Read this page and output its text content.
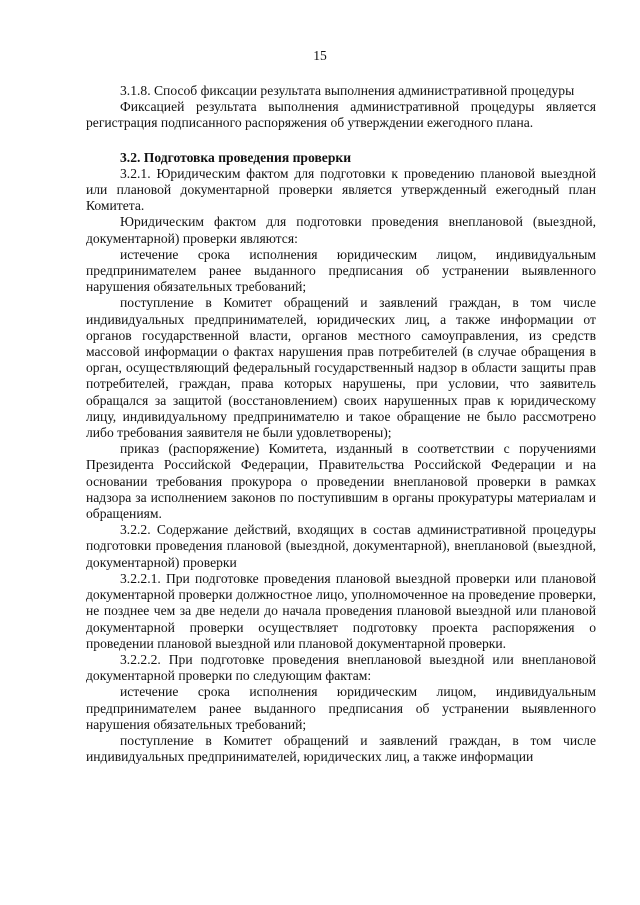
15

3.1.8. Способ фиксации результата выполнения административной процедуры

Фиксацией результата выполнения административной процедуры является регистрация подписанного распоряжения об утверждении ежегодного плана.

3.2. Подготовка проведения проверки

3.2.1. Юридическим фактом для подготовки к проведению плановой выездной или плановой документарной проверки является утвержденный ежегодный план Комитета.

Юридическим фактом для подготовки проведения внеплановой (выездной, документарной) проверки являются:

истечение срока исполнения юридическим лицом, индивидуальным предпринимателем ранее выданного предписания об устранении выявленного нарушения обязательных требований;

поступление в Комитет обращений и заявлений граждан, в том числе индивидуальных предпринимателей, юридических лиц, а также информации от органов государственной власти, органов местного самоуправления, из средств массовой информации о фактах нарушения прав потребителей (в случае обращения в орган, осуществляющий федеральный государственный надзор в области защиты прав потребителей, граждан, права которых нарушены, при условии, что заявитель обращался за защитой (восстановлением) своих нарушенных прав к юридическому лицу, индивидуальному предпринимателю и такое обращение не было рассмотрено либо требования заявителя не были удовлетворены);

приказ (распоряжение) Комитета, изданный в соответствии с поручениями Президента Российской Федерации, Правительства Российской Федерации и на основании требования прокурора о проведении внеплановой проверки в рамках надзора за исполнением законов по поступившим в органы прокуратуры материалам и обращениям.

3.2.2. Содержание действий, входящих в состав административной процедуры подготовки проведения плановой (выездной, документарной), внеплановой (выездной, документарной) проверки

3.2.2.1. При подготовке проведения плановой выездной проверки или плановой документарной проверки должностное лицо, уполномоченное на проведение проверки, не позднее чем за две недели до начала проведения плановой выездной или плановой документарной проверки осуществляет подготовку проекта распоряжения о проведении плановой выездной или плановой документарной проверки.

3.2.2.2. При подготовке проведения внеплановой выездной или внеплановой документарной проверки по следующим фактам:

истечение срока исполнения юридическим лицом, индивидуальным предпринимателем ранее выданного предписания об устранении выявленного нарушения обязательных требований;

поступление в Комитет обращений и заявлений граждан, в том числе индивидуальных предпринимателей, юридических лиц, а также информации
